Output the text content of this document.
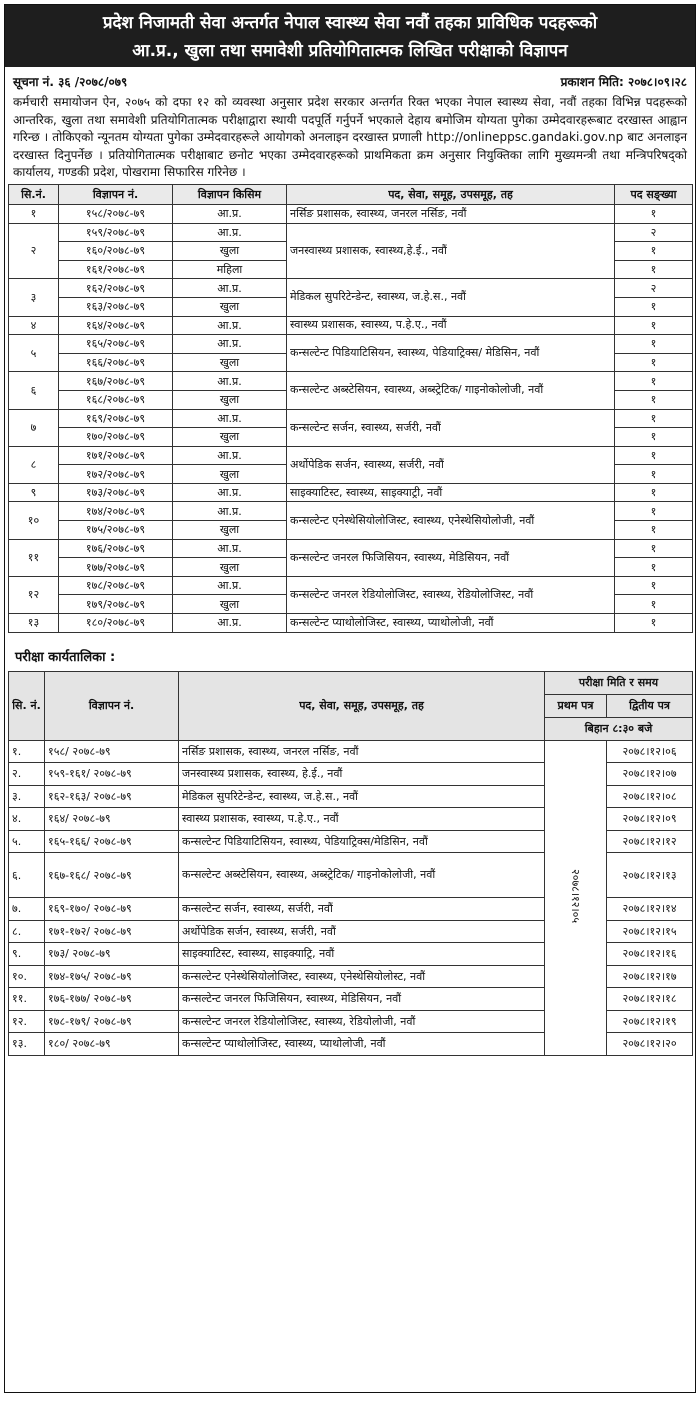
प्रदेश निजामती सेवा अन्तर्गत नेपाल स्वास्थ्य सेवा नवौं तहका प्राविधिक पदहरूको
आ.प्र., खुला तथा समावेशी प्रतियोगितात्मक लिखित परीक्षाको विज्ञापन
सूचना नं. ३६ /२०७८/०७९	प्रकाशन मिति: २०७८।०९।२८
कर्मचारी समायोजन ऐन, २०७५ को दफा १२ को व्यवस्था अनुसार प्रदेश सरकार अन्तर्गत रिक्त भएका नेपाल स्वास्थ्य सेवा, नवौं तहका विभिन्न पदहरूको आन्तरिक, खुला तथा समावेशी प्रतियोगितात्मक परीक्षाद्वारा स्थायी पदपूर्ति गर्नुपर्ने भएकाले देहाय बमोजिम योग्यता पुगेका उम्मेदवारहरूबाट दरखास्त आह्वान गरिन्छ । तोकिएको न्यूनतम योग्यता पुगेका उम्मेदवारहरूले आयोगको अनलाइन दरखास्त प्रणाली http://onlineppsc.gandaki.gov.np बाट अनलाइन दरखास्त दिनुपर्नेछ । प्रतियोगितात्मक परीक्षाबाट छनोट भएका उम्मेदवारहरूको प्राथमिकता क्रम अनुसार नियुक्तिका लागि मुख्यमन्त्री तथा मन्त्रिपरिषद्को कार्यालय, गण्डकी प्रदेश, पोखरामा सिफारिस गरिनेछ ।
सि.नं.	विज्ञापन नं.	विज्ञापन किसिम	पद, सेवा, समूह, उपसमूह, तह	पद सङ्ख्या
१	१५८/२०७८-७९	आ.प्र.	नर्सिङ प्रशासक, स्वास्थ्य, जनरल नर्सिङ, नवौं	१
२	१५९/२०७८-७९	आ.प्र.	जनस्वास्थ्य प्रशासक, स्वास्थ्य,हे.ई., नवौं	२
	१६०/२०७८-७९	खुला		१
	१६१/२०७८-७९	महिला		१
३	१६२/२०७८-७९	आ.प्र.	मेडिकल सुपरिटेन्डेन्ट, स्वास्थ्य, ज.हे.स., नवौं	२
	१६३/२०७८-७९	खुला		१
४	१६४/२०७८-७९	आ.प्र.	स्वास्थ्य प्रशासक, स्वास्थ्य, प.हे.ए., नवौं	१
५	१६५/२०७८-७९	आ.प्र.	कन्सल्टेन्ट पिडियाटिसियन, स्वास्थ्य, पेडियाट्रिक्स/ मेडिसिन, नवौं	१
	१६६/२०७८-७९	खुला		१
६	१६७/२०७८-७९	आ.प्र.	कन्सल्टेन्ट अब्स्टेसियन, स्वास्थ्य, अब्स्ट्रेटिक/ गाइनोकोलोजी, नवौं	१
	१६८/२०७८-७९	खुला		१
७	१६९/२०७८-७९	आ.प्र.	कन्सल्टेन्ट सर्जन, स्वास्थ्य, सर्जरी, नवौं	१
	१७०/२०७८-७९	खुला		१
८	१७१/२०७८-७९	आ.प्र.	अर्थोपेडिक सर्जन, स्वास्थ्य, सर्जरी, नवौं	१
	१७२/२०७८-७९	खुला		१
९	१७३/२०७८-७९	आ.प्र.	साइक्याटिस्ट, स्वास्थ्य, साइक्याट्री, नवौं	१
१०	१७४/२०७८-७९	आ.प्र.	कन्सल्टेन्ट एनेस्थेसियोलोजिस्ट, स्वास्थ्य, एनेस्थेसियोलोजी, नवौं	१
	१७५/२०७८-७९	खुला		१
११	१७६/२०७८-७९	आ.प्र.	कन्सल्टेन्ट जनरल फिजिसियन, स्वास्थ्य, मेडिसियन, नवौं	१
	१७७/२०७८-७९	खुला		१
१२	१७८/२०७८-७९	आ.प्र.	कन्सल्टेन्ट जनरल रेडियोलोजिस्ट, स्वास्थ्य, रेडियोलोजिस्ट, नवौं	१
	१७९/२०७८-७९	खुला		१
१३	१८०/२०७८-७९	आ.प्र.	कन्सल्टेन्ट प्याथोलोजिस्ट, स्वास्थ्य, प्याथोलोजी, नवौं	१
परीक्षा कार्यतालिका :
सि. नं.	विज्ञापन नं.	पद, सेवा, समूह, उपसमूह, तह	परीक्षा मिति र समय	
			प्रथम पत्र	द्वितीय पत्र
			बिहान ८:३० बजे	
१.	१५८/ २०७८-७९	नर्सिङ प्रशासक, स्वास्थ्य, जनरल नर्सिङ, नवौं	२०७८।१२।०५	२०७८।१२।०६
२.	१५९-१६१/ २०७८-७९	जनस्वास्थ्य प्रशासक, स्वास्थ्य, हे.ई., नवौं		२०७८।१२।०७
३.	१६२-१६३/ २०७८-७९	मेडिकल सुपरिटेन्डेन्ट, स्वास्थ्य, ज.हे.स., नवौं		२०७८।१२।०८
४.	१६४/ २०७८-७९	स्वास्थ्य प्रशासक, स्वास्थ्य, प.हे.ए., नवौं		२०७८।१२।०९
५.	१६५-१६६/ २०७८-७९	कन्सल्टेन्ट पिडियाटिसियन, स्वास्थ्य, पेडियाट्रिक्स/मेडिसिन, नवौं		२०७८।१२।१२
६.	१६७-१६८/ २०७८-७९	कन्सल्टेन्ट अब्स्टेसियन, स्वास्थ्य, अब्स्ट्रेटिक/ गाइनोकोलोजी, नवौं		२०७८।१२।१३
७.	१६९-१७०/ २०७८-७९	कन्सल्टेन्ट सर्जन, स्वास्थ्य, सर्जरी, नवौं		२०७८।१२।१४
८.	१७१-१७२/ २०७८-७९	अर्थोपेडिक सर्जन, स्वास्थ्य, सर्जरी, नवौं		२०७८।१२।१५
९.	१७३/ २०७८-७९	साइक्याटिस्ट, स्वास्थ्य, साइक्याट्रि, नवौं		२०७८।१२।१६
१०.	१७४-१७५/ २०७८-७९	कन्सल्टेन्ट एनेस्थेसियोलोजिस्ट, स्वास्थ्य, एनेस्थेसियोलोस्ट, नवौं		२०७८।१२।१७
११.	१७६-१७७/ २०७८-७९	कन्सल्टेन्ट जनरल फिजिसियन, स्वास्थ्य, मेडिसियन, नवौं		२०७८।१२।१८
१२.	१७८-१७९/ २०७८-७९	कन्सल्टेन्ट जनरल रेडियोलोजिस्ट, स्वास्थ्य, रेडियोलोजी, नवौं		२०७८।१२।१९
१३.	१८०/ २०७८-७९	कन्सल्टेन्ट प्याथोलोजिस्ट, स्वास्थ्य, प्याथोलोजी, नवौं		२०७८।१२।२०
